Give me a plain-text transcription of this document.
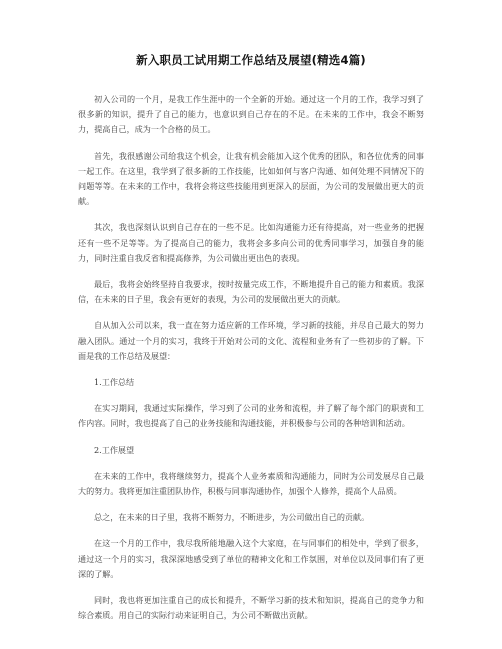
新入职员工试用期工作总结及展望(精选4篇)

初入公司的一个月，是我工作生涯中的一个全新的开始。通过这一个月的工作，我学习到了很多新的知识，提升了自己的能力，也意识到自己存在的不足。在未来的工作中，我会不断努力，提高自己，成为一个合格的员工。

首先，我很感谢公司给我这个机会，让我有机会能加入这个优秀的团队，和各位优秀的同事一起工作。在这里，我学到了很多新的工作技能，比如如何与客户沟通、如何处理不同情况下的问题等等。在未来的工作中，我将会将这些技能用到更深入的层面，为公司的发展做出更大的贡献。

其次，我也深刻认识到自己存在的一些不足。比如沟通能力还有待提高，对一些业务的把握还有一些不足等等。为了提高自己的能力，我将会多多向公司的优秀同事学习，加强自身的能力，同时注重自我反省和提高修养，为公司做出更出色的表现。

最后，我将会始终坚持自我要求，按时按量完成工作，不断地提升自己的能力和素质。我深信，在未来的日子里，我会有更好的表现，为公司的发展做出更大的贡献。

自从加入公司以来，我一直在努力适应新的工作环境，学习新的技能，并尽自己最大的努力融入团队。通过一个月的实习，我终于开始对公司的文化、流程和业务有了一些初步的了解。下面是我的工作总结及展望：

1.工作总结

在实习期间，我通过实际操作，学习到了公司的业务和流程，并了解了每个部门的职责和工作内容。同时，我也提高了自己的业务技能和沟通技能，并积极参与公司的各种培训和活动。

2.工作展望

在未来的工作中，我将继续努力，提高个人业务素质和沟通能力，同时为公司发展尽自己最大的努力。我将更加注重团队协作，积极与同事沟通协作，加强个人修养，提高个人品质。

总之，在未来的日子里，我将不断努力，不断进步，为公司做出自己的贡献。

在这一个月的工作中，我尽我所能地融入这个大家庭，在与同事们的相处中，学到了很多，通过这一个月的实习，我深深地感受到了单位的精神文化和工作氛围，对单位以及同事们有了更深的了解。

同时，我也将更加注重自己的成长和提升，不断学习新的技术和知识，提高自己的竞争力和综合素质。用自己的实际行动来证明自己，为公司不断做出贡献。
